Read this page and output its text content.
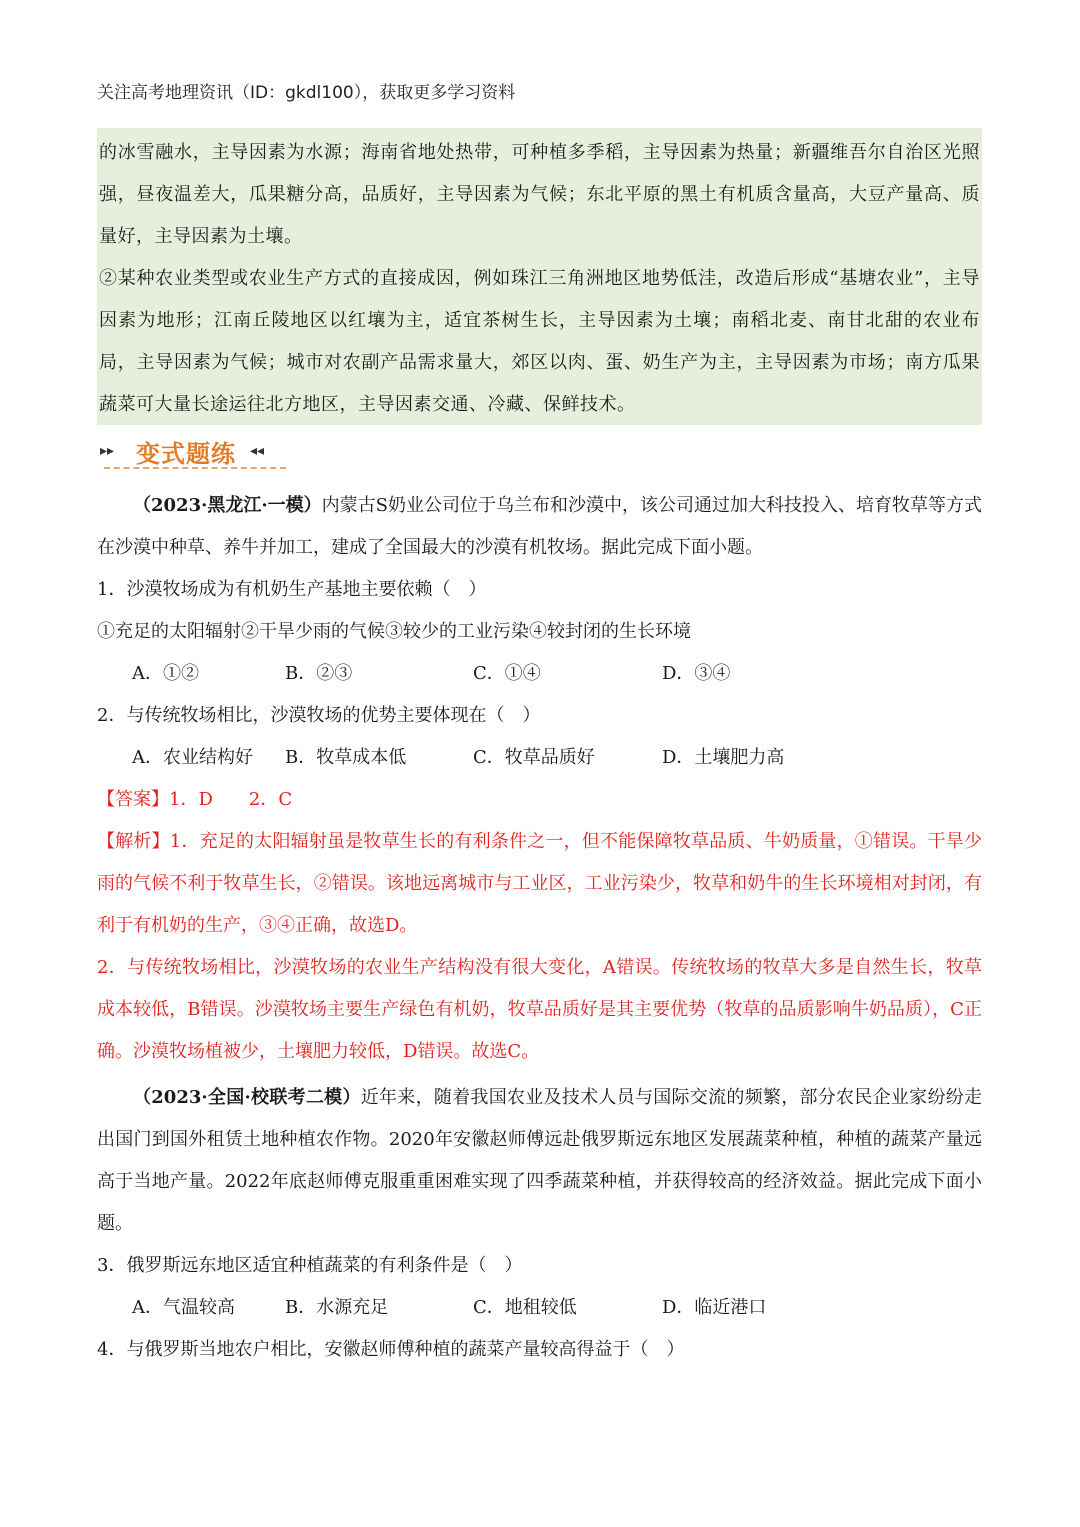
关注高考地理资讯（ID：gkdl100），获取更多学习资料

的冰雪融水，主导因素为水源；海南省地处热带，可种植多季稻，主导因素为热量；新疆维吾尔自治区光照强，昼夜温差大，瓜果糖分高，品质好，主导因素为气候；东北平原的黑土有机质含量高，大豆产量高、质量好，主导因素为土壤。

②某种农业类型或农业生产方式的直接成因，例如珠江三角洲地区地势低洼，改造后形成“基塘农业”，主导因素为地形；江南丘陵地区以红壤为主，适宜茶树生长，主导因素为土壤；南稻北麦、南甘北甜的农业布局，主导因素为气候；城市对农副产品需求量大，郊区以肉、蛋、奶生产为主，主导因素为市场；南方瓜果蔬菜可大量长途运往北方地区，主导因素交通、冷藏、保鲜技术。

▸▸ 变式题练 ◂◂

（2023·黑龙江·一模）内蒙古S奶业公司位于乌兰布和沙漠中，该公司通过加大科技投入、培育牧草等方式在沙漠中种草、养牛并加工，建成了全国最大的沙漠有机牧场。据此完成下面小题。

1．沙漠牧场成为有机奶生产基地主要依赖（　）

①充足的太阳辐射②干旱少雨的气候③较少的工业污染④较封闭的生长环境

A．①②	B．②③	C．①④	D．③④

2．与传统牧场相比，沙漠牧场的优势主要体现在（　）

A．农业结构好 B．牧草成本低	C．牧草品质好	D．土壤肥力高

【答案】1．D　　2．C

【解析】1．充足的太阳辐射虽是牧草生长的有利条件之一，但不能保障牧草品质、牛奶质量，①错误。干旱少雨的气候不利于牧草生长，②错误。该地远离城市与工业区，工业污染少，牧草和奶牛的生长环境相对封闭，有利于有机奶的生产，③④正确，故选D。

2．与传统牧场相比，沙漠牧场的农业生产结构没有很大变化，A错误。传统牧场的牧草大多是自然生长，牧草成本较低，B错误。沙漠牧场主要生产绿色有机奶，牧草品质好是其主要优势（牧草的品质影响牛奶品质），C正确。沙漠牧场植被少，土壤肥力较低，D错误。故选C。

（2023·全国·校联考二模）近年来，随着我国农业及技术人员与国际交流的频繁，部分农民企业家纷纷走出国门到国外租赁土地种植农作物。2020年安徽赵师傅远赴俄罗斯远东地区发展蔬菜种植，种植的蔬菜产量远高于当地产量。2022年底赵师傅克服重重困难实现了四季蔬菜种植，并获得较高的经济效益。据此完成下面小题。

3．俄罗斯远东地区适宜种植蔬菜的有利条件是（　）

A．气温较高	B．水源充足	C．地租较低	D．临近港口

4．与俄罗斯当地农户相比，安徽赵师傅种植的蔬菜产量较高得益于（　）
